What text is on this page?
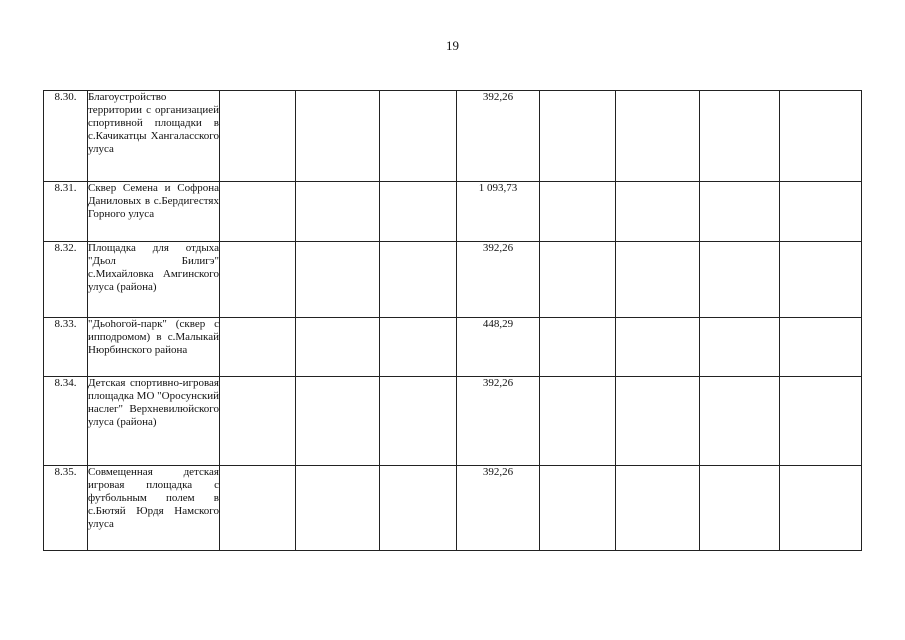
19
8.30.	Благоустройство территории с организацией спортивной площадки в с.Качикатцы Хангаласского улуса				392,26				
8.31.	Сквер Семена и Софрона Даниловых в с.Бердигестях Горного улуса				1 093,73				
8.32.	Площадка для отдыха "Дьол Билигэ" с.Михайловка Амгинского улуса (района)				392,26				
8.33.	"Дьоhогой-парк" (сквер с ипподромом) в с.Малыкай Нюрбинского района				448,29				
8.34.	Детская спортивно-игровая площадка МО "Оросунский наслег" Верхневилюйского улуса (района)				392,26				
8.35.	Совмещенная детская игровая площадка с футбольным полем в с.Бютяй Юрдя Намского улуса				392,26				
